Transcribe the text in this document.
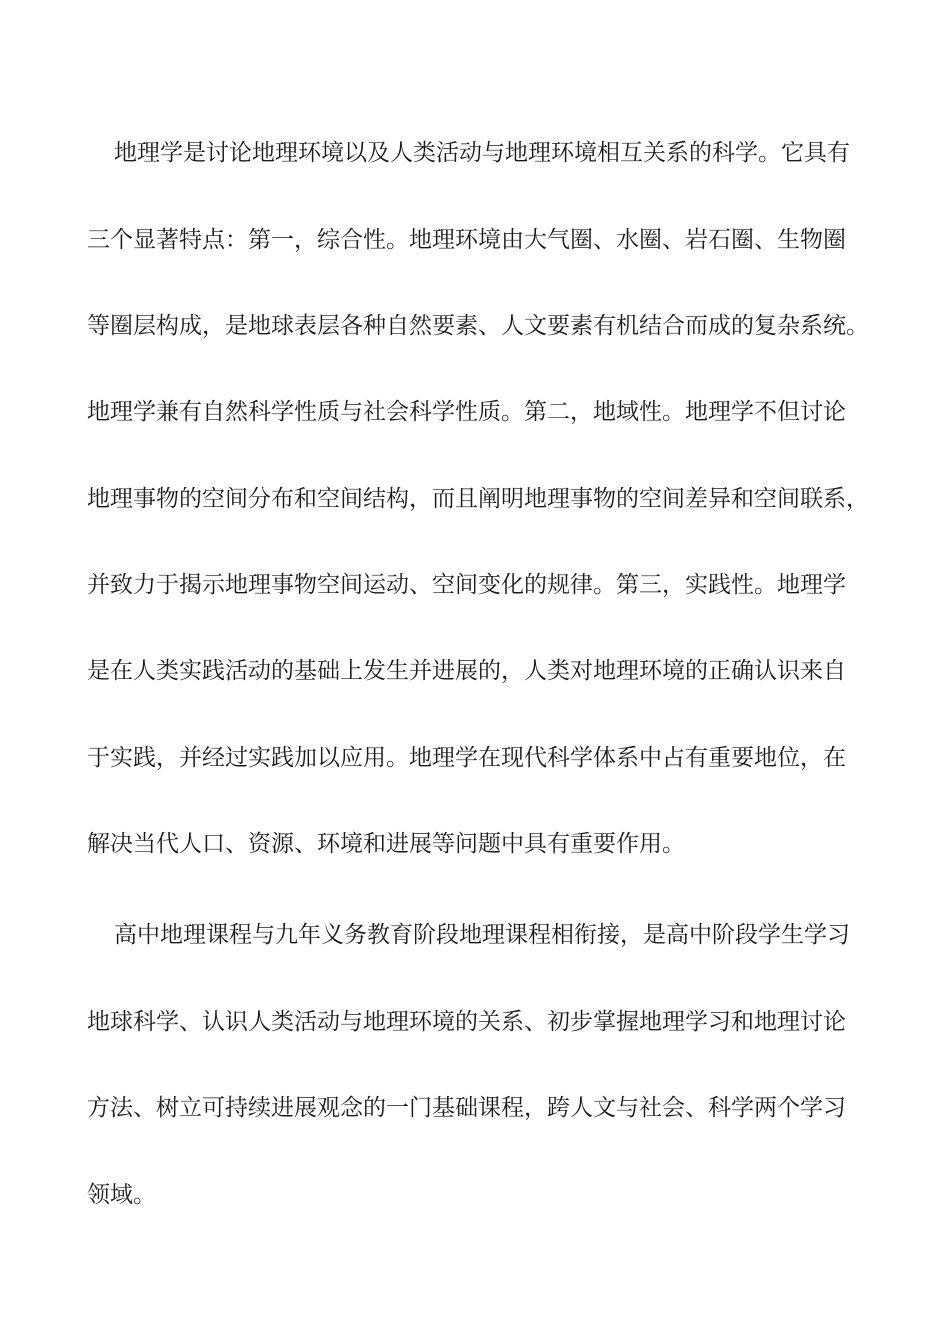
地理学是讨论地理环境以及人类活动与地理环境相互关系的科学。它具有
三个显著特点：第一，综合性。地理环境由大气圈、水圈、岩石圈、生物圈
等圈层构成，是地球表层各种自然要素、人文要素有机结合而成的复杂系统。
地理学兼有自然科学性质与社会科学性质。第二，地域性。地理学不但讨论
地理事物的空间分布和空间结构，而且阐明地理事物的空间差异和空间联系，
并致力于揭示地理事物空间运动、空间变化的规律。第三，实践性。地理学
是在人类实践活动的基础上发生并进展的，人类对地理环境的正确认识来自
于实践，并经过实践加以应用。地理学在现代科学体系中占有重要地位，在
解决当代人口、资源、环境和进展等问题中具有重要作用。
高中地理课程与九年义务教育阶段地理课程相衔接，是高中阶段学生学习
地球科学、认识人类活动与地理环境的关系、初步掌握地理学习和地理讨论
方法、树立可持续进展观念的一门基础课程，跨人文与社会、科学两个学习
领域。
